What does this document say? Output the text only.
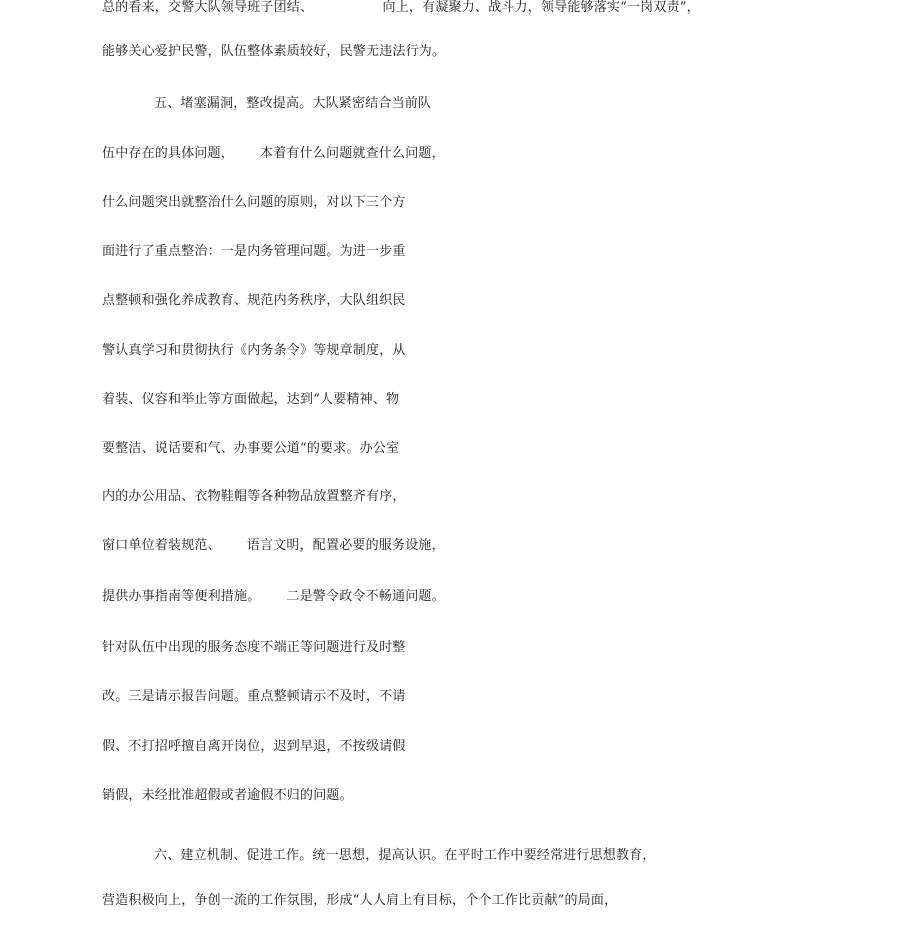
总的看来，交警大队领导班子团结、                向上，有凝聚力、战斗力，领导能够落实“一岗双责”，

能够关心爱护民警，队伍整体素质较好，民警无违法行为。

五、堵塞漏洞，整改提高。大队紧密结合当前队

伍中存在的具体问题，      本着有什么问题就查什么问题，

什么问题突出就整治什么问题的原则，对以下三个方

面进行了重点整治：一是内务管理问题。为进一步重

点整顿和强化养成教育、规范内务秩序，大队组织民

警认真学习和贯彻执行《内务条令》等规章制度，从

着装、仪容和举止等方面做起，达到“人要精神、物

要整洁、说话要和气、办事要公道“的要求。办公室

内的办公用品、衣物鞋帽等各种物品放置整齐有序，

窗口单位着装规范、      语言文明，配置必要的服务设施，

提供办事指南等便利措施。      二是警令政令不畅通问题。

针对队伍中出现的服务态度不端正等问题进行及时整

改。三是请示报告问题。重点整顿请示不及时，不请

假、不打招呼擅自离开岗位，迟到早退，不按级请假

销假，未经批准超假或者逾假不归的问题。

六、建立机制、促进工作。统一思想，提高认识。在平时工作中要经常进行思想教育，

营造积极向上，争创一流的工作氛围，形成“人人肩上有目标，个个工作比贡献”的局面，
